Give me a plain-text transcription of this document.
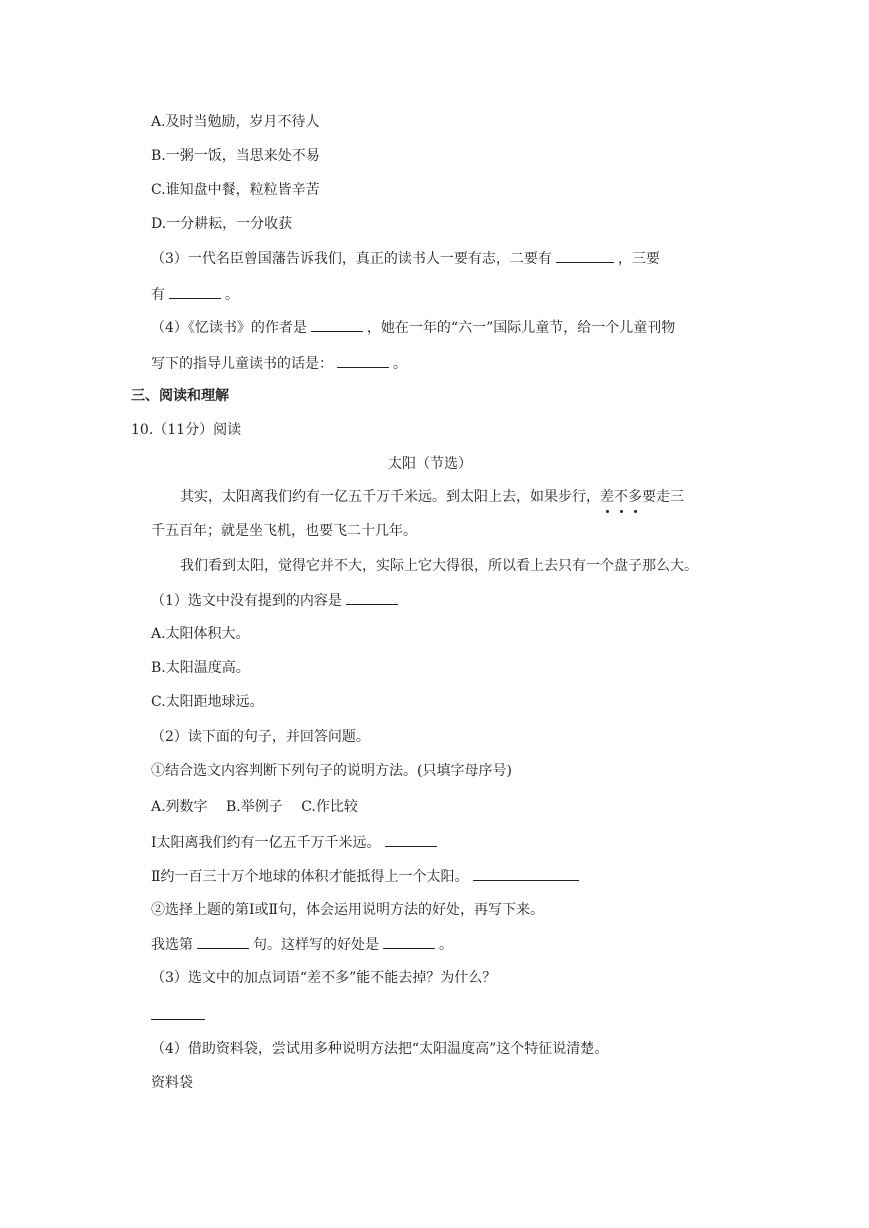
A.及时当勉励，岁月不待人
B.一粥一饭，当思来处不易
C.谁知盘中餐，粒粒皆辛苦
D.一分耕耘，一分收获
（3）一代名臣曾国藩告诉我们，真正的读书人一要有志，二要有	，三要
有	。
（4）《忆读书》的作者是	，她在一年的“六一”国际儿童节，给一个儿童刊物
写下的指导儿童读书的话是：	。
三、阅读和理解
10.（11分）阅读
太阳（节选）
其实，太阳离我们约有一亿五千万千米远。到太阳上去，如果步行，差不多要走三
千五百年；就是坐飞机，也要飞二十几年。
我们看到太阳，觉得它并不大，实际上它大得很，所以看上去只有一个盘子那么大。
（1）选文中没有提到的内容是
A.太阳体积大。
B.太阳温度高。
C.太阳距地球远。
（2）读下面的句子，并回答问题。
①结合选文内容判断下列句子的说明方法。(只填字母序号)
A.列数字　 B.举例子　 C.作比较
Ⅰ太阳离我们约有一亿五千万千米远。
Ⅱ约一百三十万个地球的体积才能抵得上一个太阳。
②选择上题的第Ⅰ或Ⅱ句，体会运用说明方法的好处，再写下来。
我选第	句。这样写的好处是	。
（3）选文中的加点词语“差不多”能不能去掉？为什么？
（4）借助资料袋，尝试用多种说明方法把“太阳温度高”这个特征说清楚。
资料袋
